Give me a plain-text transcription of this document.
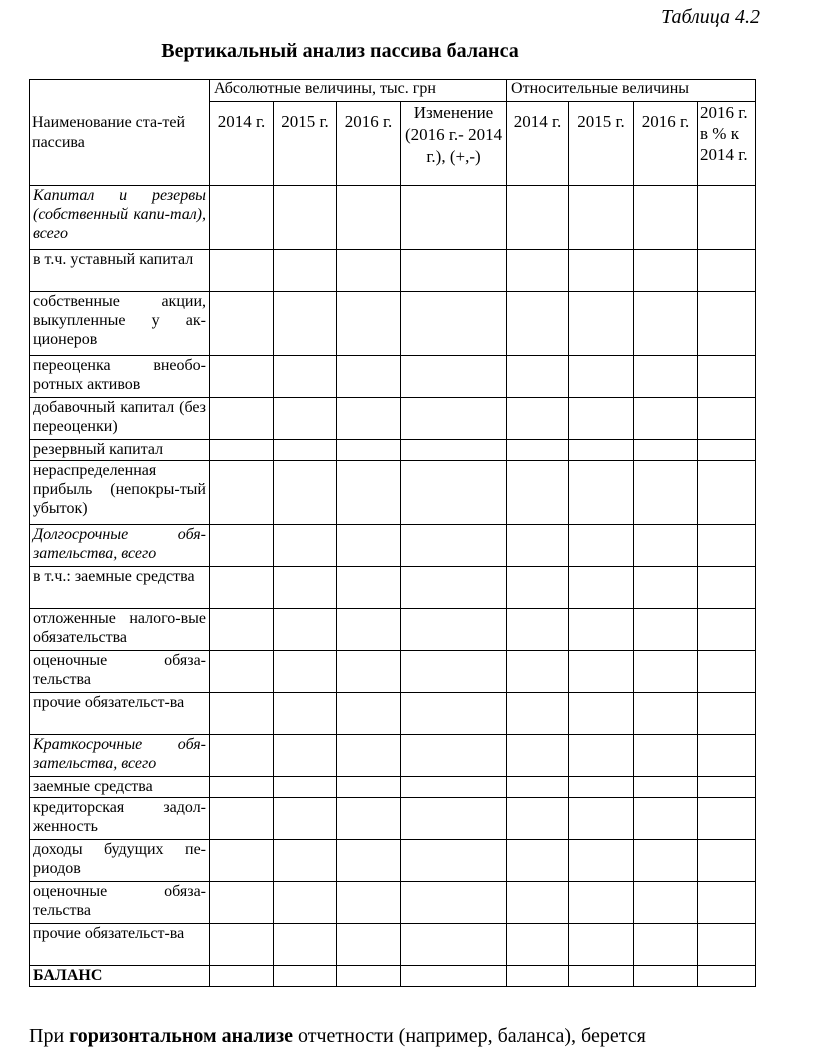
Таблица 4.2
Вертикальный анализ пассива баланса
Наименование ста-тей пассива	Абсолютные величины, тыс. грн				Относительные величины			
	2014 г.	2015 г.	2016 г.	Изменение (2016 г.- 2014 г.), (+,-)	2014 г.	2015 г.	2016 г.	2016 г. в % к 2014 г.
Капитал и резервы (собственный капи-тал), всего								
в т.ч. уставный капитал								
собственные акции, выкупленные у ак-ционеров								
переоценка внеобо-ротных активов								
добавочный капитал (без переоценки)								
резервный капитал								
нераспределенная прибыль (непокры-тый убыток)								
Долгосрочные обя-зательства, всего								
в т.ч.: заемные средства								
отложенные налого-вые обязательства								
оценочные обяза-тельства								
прочие обязательст-ва								
Краткосрочные обя-зательства, всего								
заемные средства								
кредиторская задол-женность								
доходы будущих пе-риодов								
оценочные обяза-тельства								
прочие обязательст-ва								
БАЛАНС								
При горизонтальном анализе отчетности (например, баланса), берется
